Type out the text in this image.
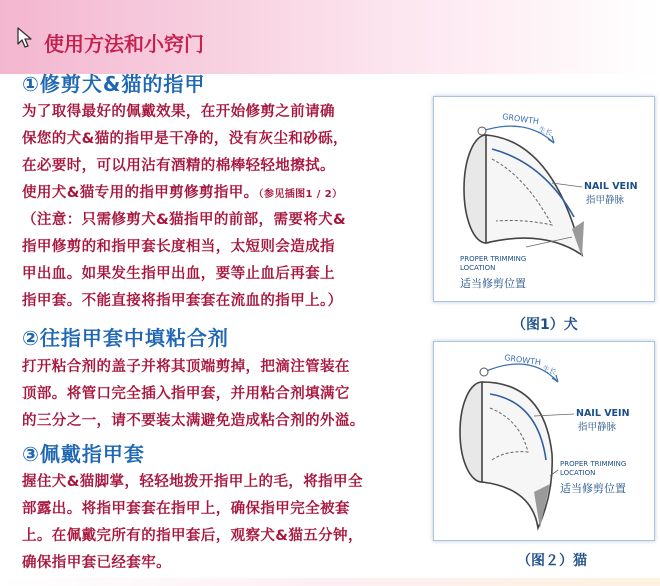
使用方法和小窍门
①修剪犬&猫的指甲
为了取得最好的佩戴效果，在开始修剪之前请确
保您的犬&猫的指甲是干净的，没有灰尘和砂砾，
在必要时，可以用沾有酒精的棉棒轻轻地擦拭。
使用犬&猫专用的指甲剪修剪指甲。（参见插图1 / 2）
（注意：只需修剪犬&猫指甲的前部，需要将犬&
指甲修剪的和指甲套长度相当，太短则会造成指
甲出血。如果发生指甲出血，要等止血后再套上
指甲套。不能直接将指甲套套在流血的指甲上。）
②往指甲套中填粘合剂
打开粘合剂的盖子并将其顶端剪掉，把滴注管装在
顶部。将管口完全插入指甲套，并用粘合剂填满它
的三分之一，请不要装太满避免造成粘合剂的外溢。
③佩戴指甲套
握住犬&猫脚掌，轻轻地拨开指甲上的毛，将指甲全
部露出。将指甲套套在指甲上，确保指甲完全被套
上。在佩戴完所有的指甲套后，观察犬&猫五分钟，
确保指甲套已经套牢。
GROWTH
生长
NAIL VEIN
指甲静脉
PROPER TRIMMING
LOCATION
适当修剪位置
（图1）犬
GROWTH
生长
NAIL VEIN
指甲静脉
PROPER TRIMMING
LOCATION
适当修剪位置
（图２）猫
